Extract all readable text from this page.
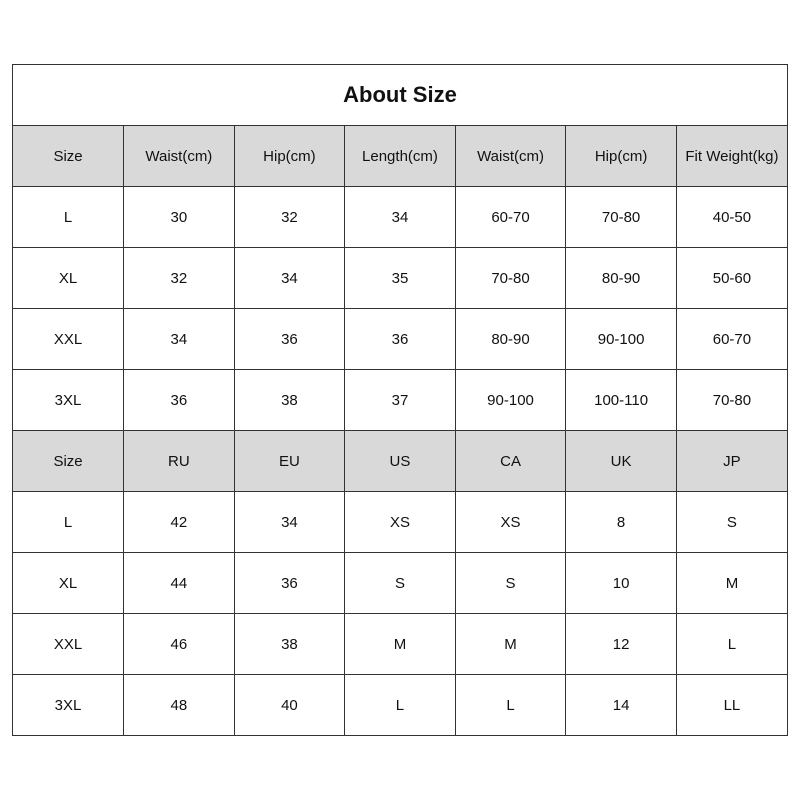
About Size
Size	Waist(cm)	Hip(cm)	Length(cm)	Waist(cm)	Hip(cm)	Fit Weight(kg)
L	30	32	34	60-70	70-80	40-50
XL	32	34	35	70-80	80-90	50-60
XXL	34	36	36	80-90	90-100	60-70
3XL	36	38	37	90-100	100-110	70-80
Size	RU	EU	US	CA	UK	JP
L	42	34	XS	XS	8	S
XL	44	36	S	S	10	M
XXL	46	38	M	M	12	L
3XL	48	40	L	L	14	LL
